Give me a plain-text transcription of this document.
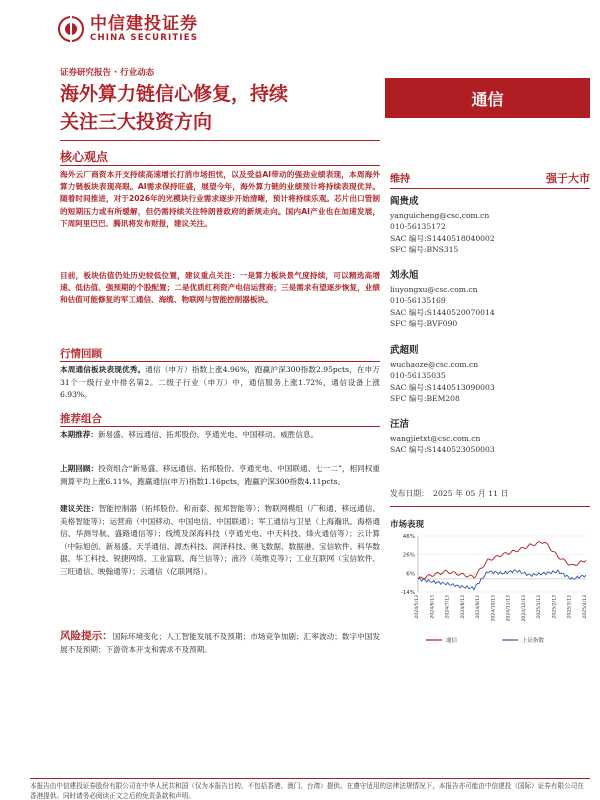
中信建投证券
CHINA SECURITIES
证券研究报告 · 行业动态
海外算力链信心修复，持续
关注三大投资方向
通信
核心观点
海外云厂商资本开支持续高速增长打消市场担忧，以及受益AI带动的强劲业绩表现，本周海外算力链板块表现亮眼。AI需求保持旺盛，展望今年，海外算力链的业绩预计将持续表现优异。随着时间推进，对于2026年的光模块行业需求逐步开始清晰，预计将持续乐观。芯片出口管制的短期压力或有所缓解，但仍需持续关注特朗普政府的新规走向。国内AI产业也在加速发展，下周阿里巴巴、腾讯将发布财报，建议关注。
目前，板块估值仍处历史较低位置，建议重点关注：一是算力板块景气度持续，可以精选高增速、低估值、强预期的个股配置；二是优质红利资产电信运营商；三是需求有望逐步恢复，业绩和估值可能修复的军工通信、海缆、物联网与智能控制器板块。
行情回顾
本周通信板块表现优秀。通信（申万）指数上涨4.96%，跑赢沪深300指数2.95pcts，在申万31个一级行业中排名第2。二级子行业（申万）中，通信服务上涨1.72%，通信设备上涨6.93%。
推荐组合
本期推荐：新易盛、移远通信、拓邦股份、亨通光电、中国移动、威胜信息。
上期回顾：投资组合“新易盛、移远通信、拓邦股份、亨通光电、中国联通、七一二”，相同权重测算平均上涨6.11%，跑赢通信(申万)指数1.16pcts，跑赢沪深300指数4.11pcts。
建议关注：智能控制器（拓邦股份、和而泰、振邦智能等）；物联网模组（广和通、移远通信、美格智能等）；运营商（中国移动、中国电信、中国联通）；军工通信与卫星（上海瀚讯、海格通信、华测导航、盛路通信等）；线缆及深海科技（亨通光电、中天科技、烽火通信等）；云计算（中际旭创、新易盛、天孚通信、源杰科技、润泽科技、奥飞数据、数据港、宝信软件、科华数据、华工科技、锐捷网络、工业富联、海兰信等）；液冷（英维克等）；工业互联网（宝信软件、三旺通信、映翰通等）；云通信（亿联网络）。
风险提示：国际环境变化；人工智能发展不及预期；市场竞争加剧；汇率波动；数字中国发展不及预期；下游资本开支和需求不及预期。
维持	强于大市
阎贵成
yanguicheng@csc.com.cn
010-56135172
SAC 编号:S1440518040002
SFC 编号:BNS315
刘永旭
liuyongxu@csc.com.cn
010-56135169
SAC 编号:S1440520070014
SFC 编号:BVF090
武超则
wuchaoze@csc.com.cn
010-56135035
SAC 编号:S1440513090003
SFC 编号:BEM208
汪洁
wangjietxt@csc.com.cn
SAC 编号:S1440523050003
发布日期：　2025 年 05 月 11 日
市场表现
46%
26%
6%
-14%
2024/5/13 2024/6/13 2024/7/13 2024/8/13 2024/9/13 2024/10/13 2024/11/13 2024/12/13 2025/1/13 2025/2/13 2025/3/13 2025/4/13
通信	上证指数
本报告由中信建投证券股份有限公司在中华人民共和国（仅为本报告目的，不包括香港、澳门、台湾）提供。在遵守适用的法律法规情况下，本报告亦可能由中信建投（国际）证券有限公司在香港提供。同时请务必阅读正文之后的免责条款和声明。
